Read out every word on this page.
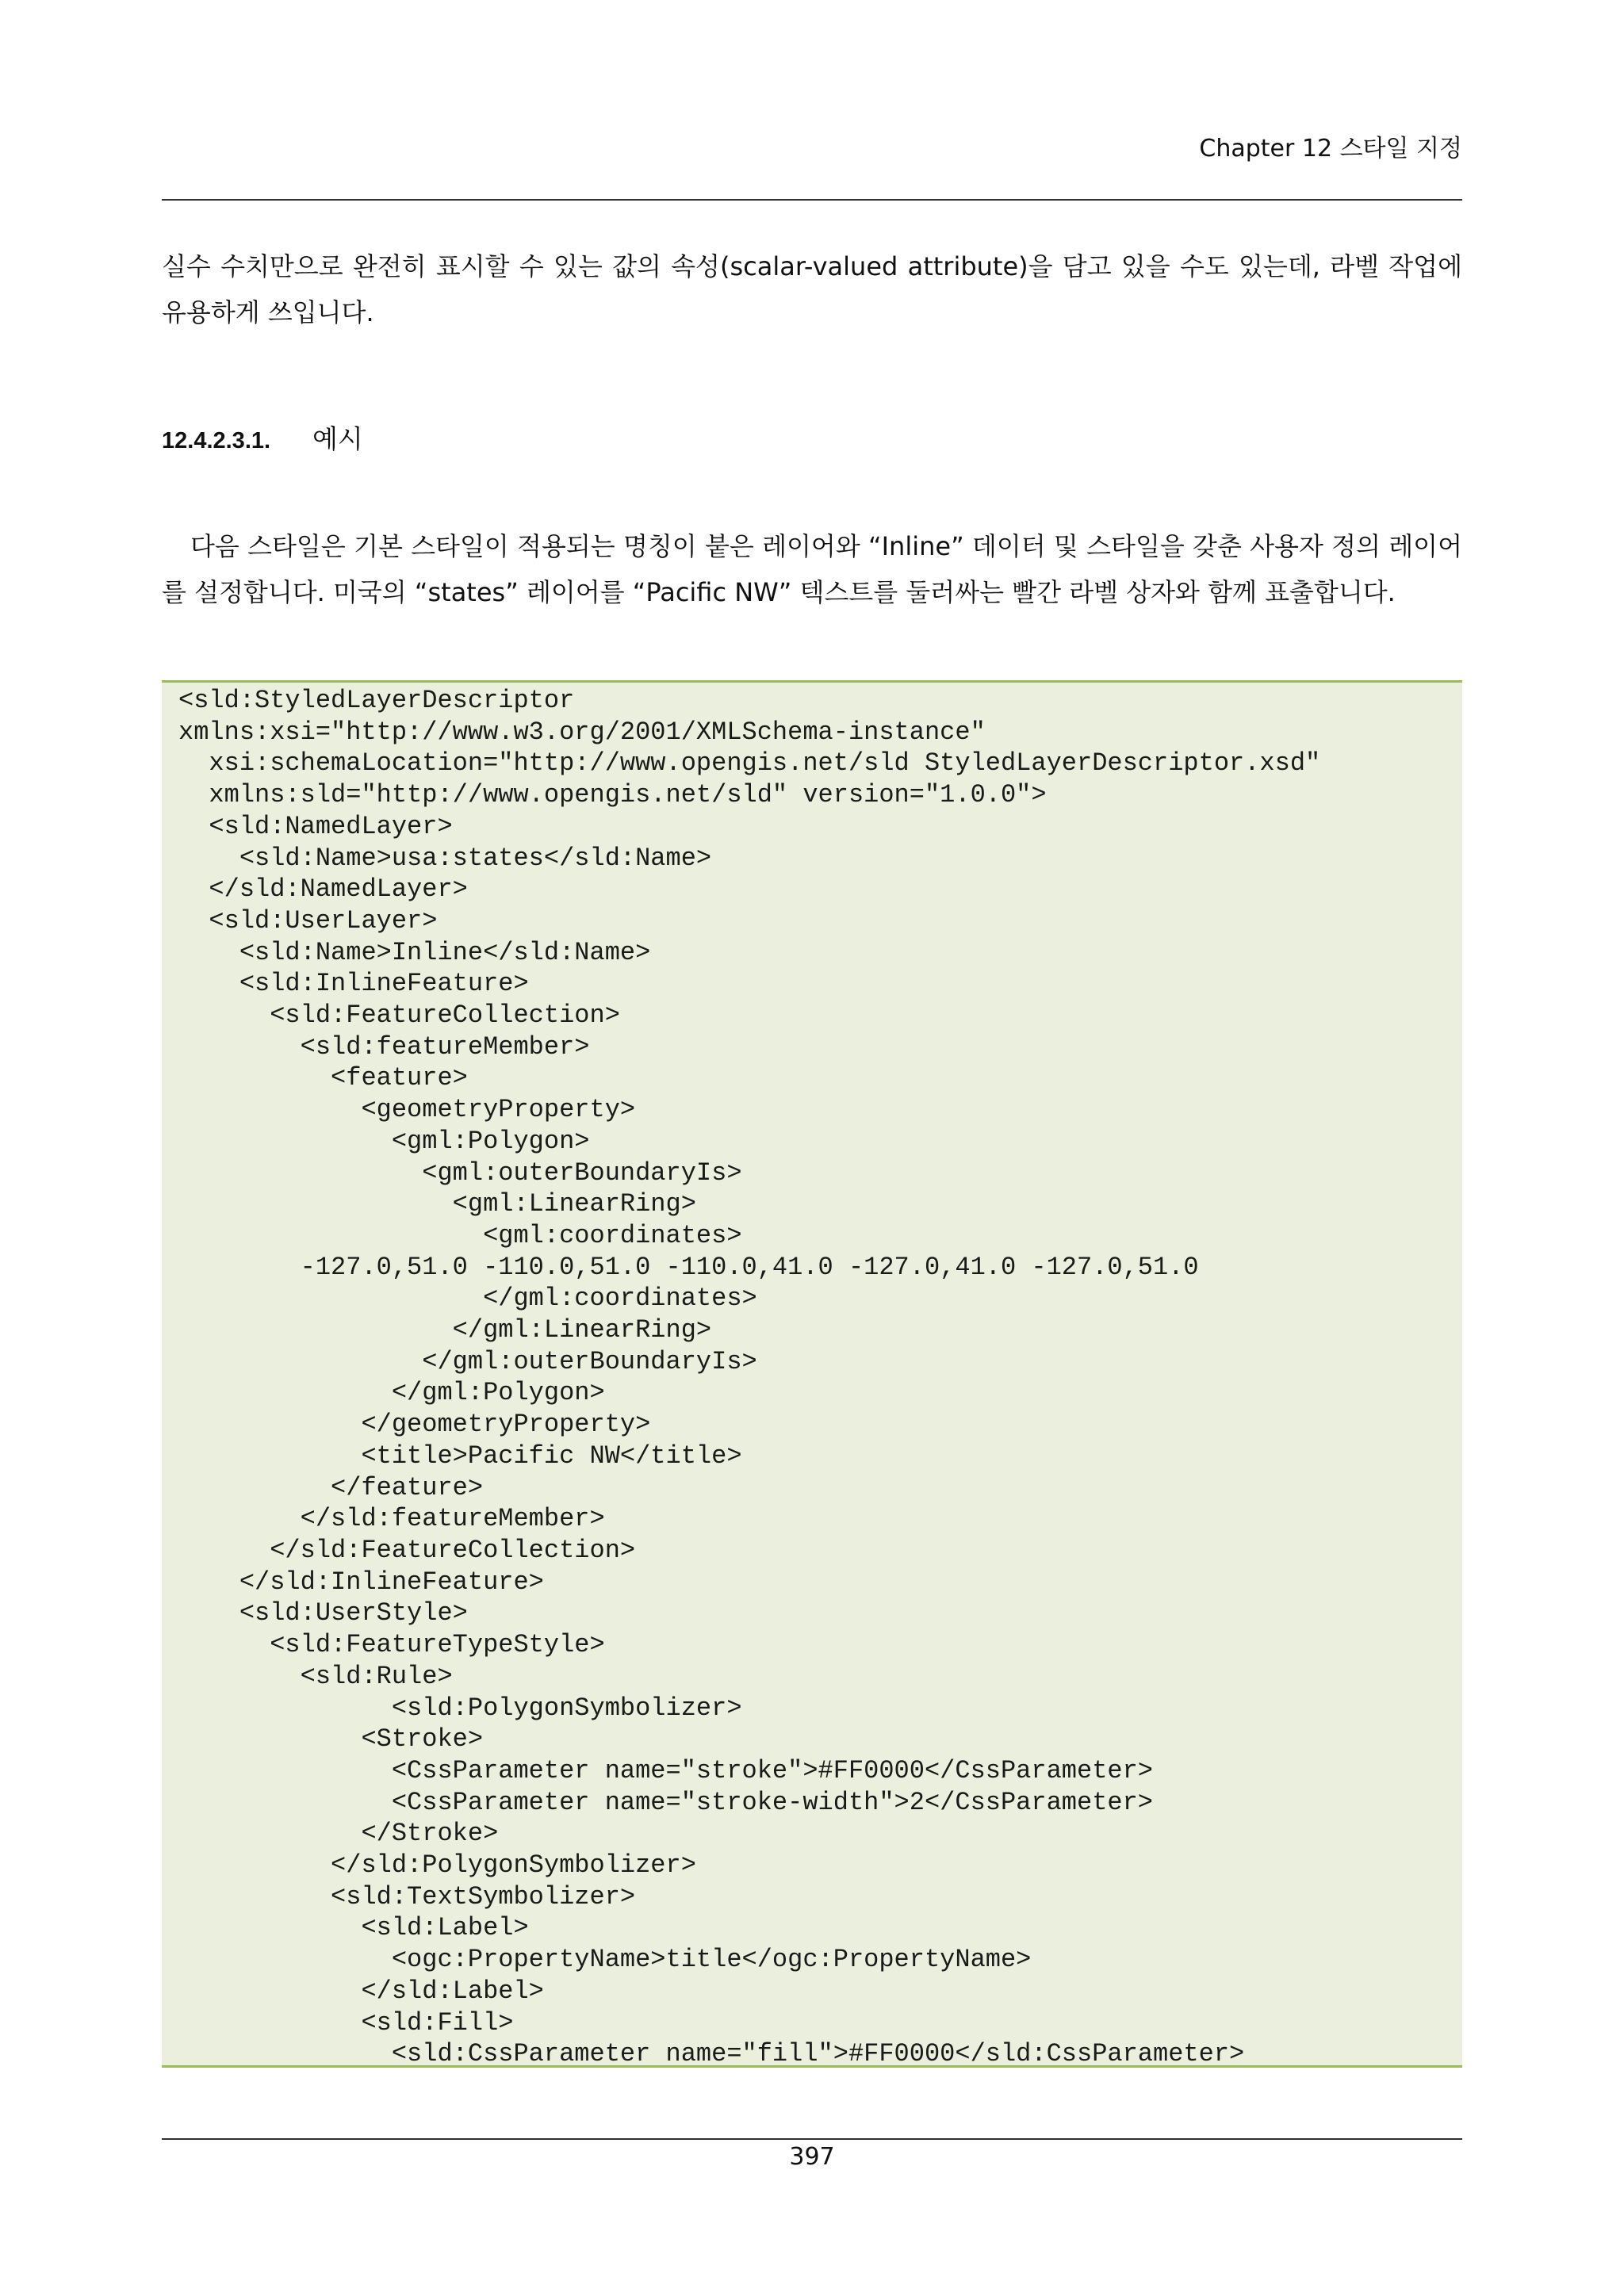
Chapter 12 스타일 지정

실수 수치만으로 완전히 표시할 수 있는 값의 속성(scalar-valued attribute)을 담고 있을 수도 있는데, 라벨 작업에 유용하게 쓰입니다.

12.4.2.3.1. 예시

다음 스타일은 기본 스타일이 적용되는 명칭이 붙은 레이어와 “Inline” 데이터 및 스타일을 갖춘 사용자 정의 레이어를 설정합니다. 미국의 “states” 레이어를 “Pacific NW” 텍스트를 둘러싸는 빨간 라벨 상자와 함께 표출합니다.

<sld:StyledLayerDescriptor
xmlns:xsi="http://www.w3.org/2001/XMLSchema-instance"
xsi:schemaLocation="http://www.opengis.net/sld StyledLayerDescriptor.xsd"
xmlns:sld="http://www.opengis.net/sld" version="1.0.0">
<sld:NamedLayer>
<sld:Name>usa:states</sld:Name>
</sld:NamedLayer>
<sld:UserLayer>
<sld:Name>Inline</sld:Name>
<sld:InlineFeature>
<sld:FeatureCollection>
<sld:featureMember>
<feature>
<geometryProperty>
<gml:Polygon>
<gml:outerBoundaryIs>
<gml:LinearRing>
<gml:coordinates>
-127.0,51.0 -110.0,51.0 -110.0,41.0 -127.0,41.0 -127.0,51.0
</gml:coordinates>
</gml:LinearRing>
</gml:outerBoundaryIs>
</gml:Polygon>
</geometryProperty>
<title>Pacific NW</title>
</feature>
</sld:featureMember>
</sld:FeatureCollection>
</sld:InlineFeature>
<sld:UserStyle>
<sld:FeatureTypeStyle>
<sld:Rule>
<sld:PolygonSymbolizer>
<Stroke>
<CssParameter name="stroke">#FF0000</CssParameter>
<CssParameter name="stroke-width">2</CssParameter>
</Stroke>
</sld:PolygonSymbolizer>
<sld:TextSymbolizer>
<sld:Label>
<ogc:PropertyName>title</ogc:PropertyName>
</sld:Label>
<sld:Fill>
<sld:CssParameter name="fill">#FF0000</sld:CssParameter>
397
